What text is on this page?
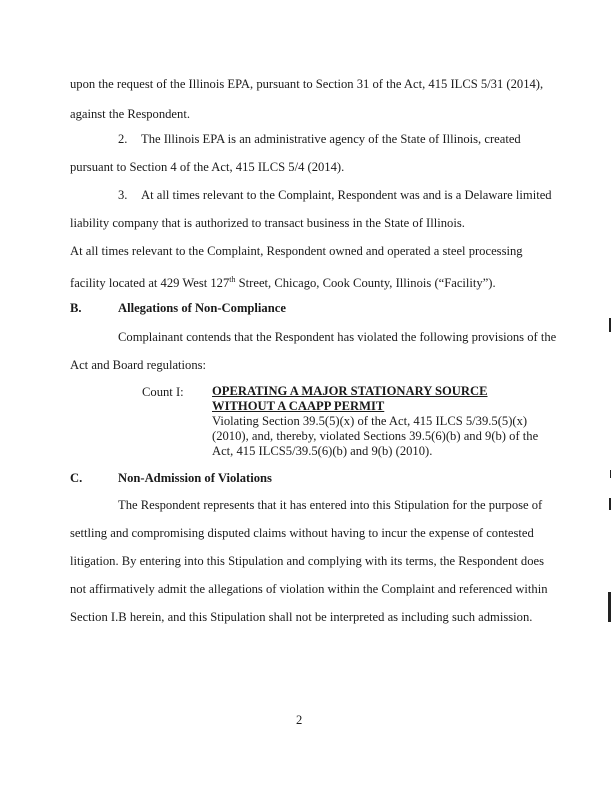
upon the request of the Illinois EPA, pursuant to Section 31 of the Act, 415 ILCS 5/31 (2014),
against the Respondent.
2. The Illinois EPA is an administrative agency of the State of Illinois, created
pursuant to Section 4 of the Act, 415 ILCS 5/4 (2014).
3. At all times relevant to the Complaint, Respondent was and is a Delaware limited
liability company that is authorized to transact business in the State of Illinois.
At all times relevant to the Complaint, Respondent owned and operated a steel processing
facility located at 429 West 127th Street, Chicago, Cook County, Illinois (“Facility”).
B.	Allegations of Non-Compliance
Complainant contends that the Respondent has violated the following provisions of the
Act and Board regulations:
Count I: OPERATING A MAJOR STATIONARY SOURCE
WITHOUT A CAAPP PERMIT
Violating Section 39.5(5)(x) of the Act, 415 ILCS 5/39.5(5)(x)
(2010), and, thereby, violated Sections 39.5(6)(b) and 9(b) of the
Act, 415 ILCS5/39.5(6)(b) and 9(b) (2010).
C.	Non-Admission of Violations
The Respondent represents that it has entered into this Stipulation for the purpose of
settling and compromising disputed claims without having to incur the expense of contested
litigation. By entering into this Stipulation and complying with its terms, the Respondent does
not affirmatively admit the allegations of violation within the Complaint and referenced within
Section I.B herein, and this Stipulation shall not be interpreted as including such admission.
2
